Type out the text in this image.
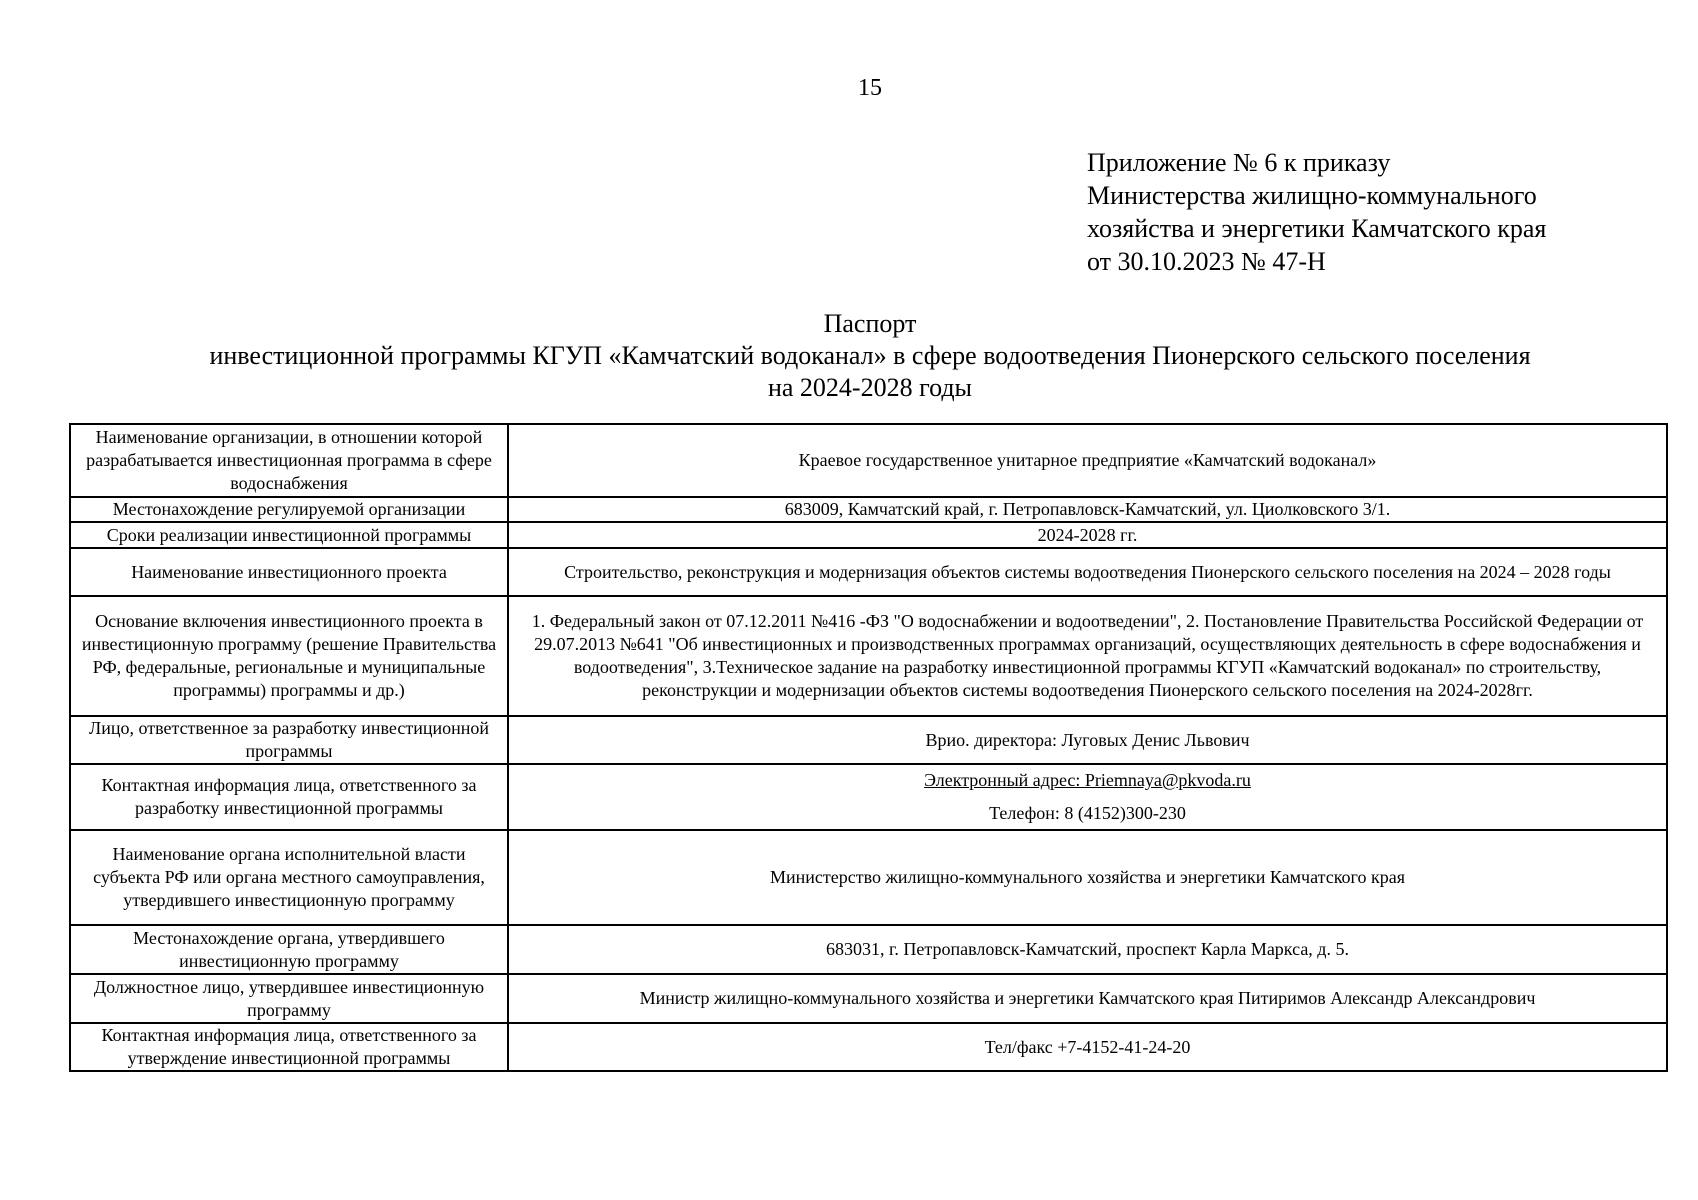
15
Приложение № 6 к приказу
Министерства жилищно-коммунального
хозяйства и энергетики Камчатского края
от 30.10.2023 № 47-Н
Паспорт
инвестиционной программы КГУП «Камчатский водоканал» в сфере водоотведения Пионерского сельского поселения
на 2024-2028 годы
Наименование организации, в отношении которой разрабатывается инвестиционная программа в сфере водоснабжения	Краевое государственное унитарное предприятие «Камчатский водоканал»
Местонахождение регулируемой организации	683009, Камчатский край, г. Петропавловск-Камчатский, ул. Циолковского 3/1.
Сроки реализации инвестиционной программы	2024-2028 гг.
Наименование инвестиционного проекта	Строительство, реконструкция и модернизация объектов системы водоотведения Пионерского сельского поселения на 2024 – 2028 годы
Основание включения инвестиционного проекта в инвестиционную программу (решение Правительства РФ, федеральные, региональные и муниципальные программы) программы и др.)	1. Федеральный закон от 07.12.2011 №416 -ФЗ "О водоснабжении и водоотведении", 2. Постановление Правительства Российской Федерации от 29.07.2013 №641 "Об инвестиционных и производственных программах организаций, осуществляющих деятельность в сфере водоснабжения и водоотведения", 3.Техническое задание на разработку инвестиционной программы КГУП «Камчатский водоканал» по строительству, реконструкции и модернизации объектов системы водоотведения Пионерского сельского поселения на 2024-2028гг.
Лицо, ответственное за разработку инвестиционной программы	Врио. директора: Луговых Денис Львович
Контактная информация лица, ответственного за разработку инвестиционной программы	Электронный адрес: Priemnaya@pkvoda.ru
Телефон: 8 (4152)300-230

Наименование органа исполнительной власти субъекта РФ или органа местного самоуправления, утвердившего инвестиционную программу	Министерство жилищно-коммунального хозяйства и энергетики Камчатского края
Местонахождение органа, утвердившего инвестиционную программу	683031, г. Петропавловск-Камчатский, проспект Карла Маркса, д. 5.
Должностное лицо, утвердившее инвестиционную программу	Министр жилищно-коммунального хозяйства и энергетики Камчатского края Питиримов Александр Александрович
Контактная информация лица, ответственного за утверждение инвестиционной программы	Тел/факс +7-4152-41-24-20
